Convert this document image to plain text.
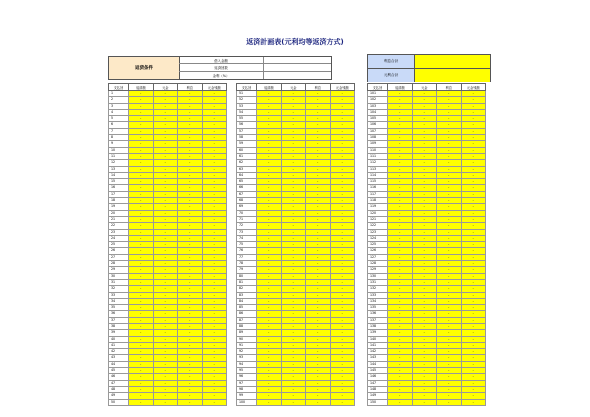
返済計画表(元利均等返済方式)
返済条件
借入金額
返済回数
金利（%）
利息合計
元利合計
支払回	返済額	元金	利息	元金残額
1	-	-	-	-
2	-	-	-	-
3	-	-	-	-
4	-	-	-	-
5	-	-	-	-
6	-	-	-	-
7	-	-	-	-
8	-	-	-	-
9	-	-	-	-
10	-	-	-	-
11	-	-	-	-
12	-	-	-	-
13	-	-	-	-
14	-	-	-	-
15	-	-	-	-
16	-	-	-	-
17	-	-	-	-
18	-	-	-	-
19	-	-	-	-
20	-	-	-	-
21	-	-	-	-
22	-	-	-	-
23	-	-	-	-
24	-	-	-	-
25	-	-	-	-
26	-	-	-	-
27	-	-	-	-
28	-	-	-	-
29	-	-	-	-
30	-	-	-	-
31	-	-	-	-
32	-	-	-	-
33	-	-	-	-
34	-	-	-	-
35	-	-	-	-
36	-	-	-	-
37	-	-	-	-
38	-	-	-	-
39	-	-	-	-
40	-	-	-	-
41	-	-	-	-
42	-	-	-	-
43	-	-	-	-
44	-	-	-	-
45	-	-	-	-
46	-	-	-	-
47	-	-	-	-
48	-	-	-	-
49	-	-	-	-
50	-	-	-	-
支払回	返済額	元金	利息	元金残額
51	-	-	-	-
52	-	-	-	-
53	-	-	-	-
54	-	-	-	-
55	-	-	-	-
56	-	-	-	-
57	-	-	-	-
58	-	-	-	-
59	-	-	-	-
60	-	-	-	-
61	-	-	-	-
62	-	-	-	-
63	-	-	-	-
64	-	-	-	-
65	-	-	-	-
66	-	-	-	-
67	-	-	-	-
68	-	-	-	-
69	-	-	-	-
70	-	-	-	-
71	-	-	-	-
72	-	-	-	-
73	-	-	-	-
74	-	-	-	-
75	-	-	-	-
76	-	-	-	-
77	-	-	-	-
78	-	-	-	-
79	-	-	-	-
80	-	-	-	-
81	-	-	-	-
82	-	-	-	-
83	-	-	-	-
84	-	-	-	-
85	-	-	-	-
86	-	-	-	-
87	-	-	-	-
88	-	-	-	-
89	-	-	-	-
90	-	-	-	-
91	-	-	-	-
92	-	-	-	-
93	-	-	-	-
94	-	-	-	-
95	-	-	-	-
96	-	-	-	-
97	-	-	-	-
98	-	-	-	-
99	-	-	-	-
100	-	-	-	-
支払回	返済額	元金	利息	元金残額
101	-	-	-	-
102	-	-	-	-
103	-	-	-	-
104	-	-	-	-
105	-	-	-	-
106	-	-	-	-
107	-	-	-	-
108	-	-	-	-
109	-	-	-	-
110	-	-	-	-
111	-	-	-	-
112	-	-	-	-
113	-	-	-	-
114	-	-	-	-
115	-	-	-	-
116	-	-	-	-
117	-	-	-	-
118	-	-	-	-
119	-	-	-	-
120	-	-	-	-
121	-	-	-	-
122	-	-	-	-
123	-	-	-	-
124	-	-	-	-
125	-	-	-	-
126	-	-	-	-
127	-	-	-	-
128	-	-	-	-
129	-	-	-	-
130	-	-	-	-
131	-	-	-	-
132	-	-	-	-
133	-	-	-	-
134	-	-	-	-
135	-	-	-	-
136	-	-	-	-
137	-	-	-	-
138	-	-	-	-
139	-	-	-	-
140	-	-	-	-
141	-	-	-	-
142	-	-	-	-
143	-	-	-	-
144	-	-	-	-
145	-	-	-	-
146	-	-	-	-
147	-	-	-	-
148	-	-	-	-
149	-	-	-	-
150	-	-	-	-
